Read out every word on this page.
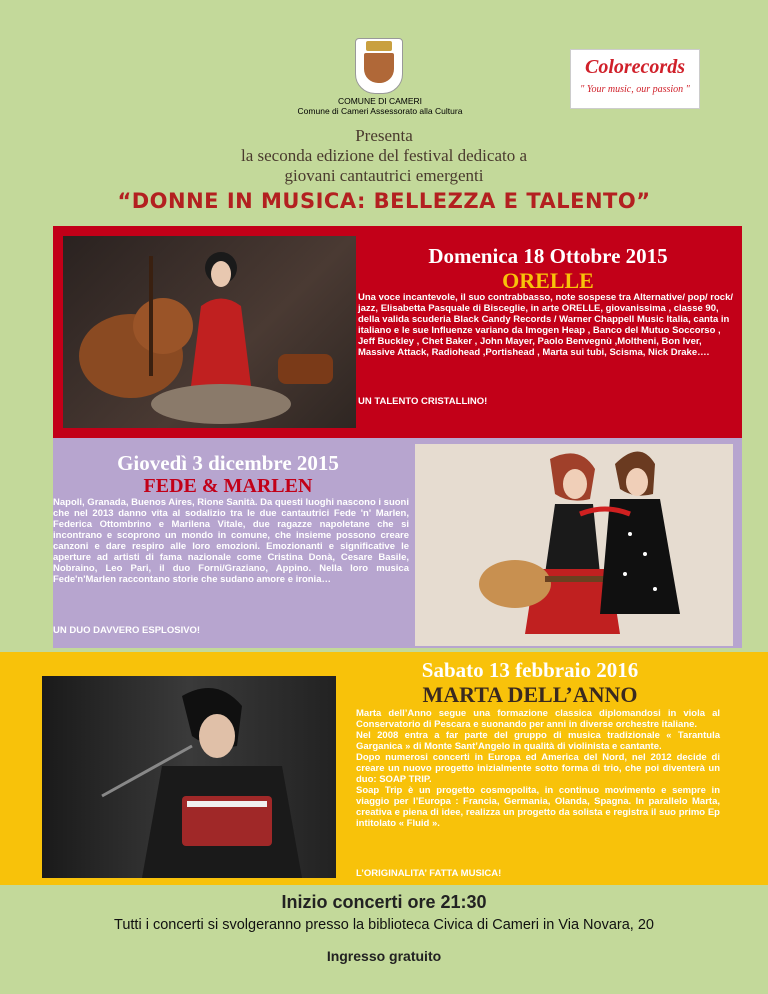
COMUNE DI CAMERI
Comune di Cameri Assessorato alla Cultura
Colorecords
" Your music, our passion "
Presenta
la seconda edizione del festival dedicato a
giovani cantautrici emergenti
“DONNE IN MUSICA: BELLEZZA E TALENTO”
Domenica 18 Ottobre 2015
ORELLE
Una voce incantevole, il suo contrabbasso, note sospese tra Alternative/ pop/ rock/ jazz, Elisabetta Pasquale di Bisceglie, in arte ORELLE, giovanissima , classe 90, della valida scuderia Black Candy Records / Warner Chappell Music Italia, canta in italiano e le sue Influenze variano da Imogen Heap , Banco del Mutuo Soccorso , Jeff Buckley , Chet Baker , John Mayer, Paolo Benvegnù ,Moltheni, Bon Iver, Massive Attack, Radiohead ,Portishead , Marta sui tubi, Scisma, Nick Drake….
UN TALENTO CRISTALLINO!
Giovedì 3 dicembre 2015
FEDE & MARLEN
Napoli, Granada, Buenos Aires, Rione Sanità. Da questi luoghi nascono i suoni che nel 2013 danno vita al sodalizio tra le due cantautrici Fede 'n' Marlen, Federica Ottombrino e Marilena Vitale, due ragazze napoletane che si incontrano e scoprono un mondo in comune, che insieme possono creare canzoni e dare respiro alle loro emozioni. Emozionanti e significative le aperture ad artisti di fama nazionale come Cristina Donà, Cesare Basile, Nobraino, Leo Pari, il duo Forni/Graziano, Appino. Nella loro musica Fede'n'Marlen raccontano storie che sudano amore e ironia…
UN DUO DAVVERO ESPLOSIVO!
Sabato 13 febbraio 2016
MARTA DELL’ANNO
Marta dell’Anno segue una formazione classica diplomandosi in viola al Conservatorio di Pescara e suonando per anni in diverse orchestre italiane.
Nel 2008 entra a far parte del gruppo di musica tradizionale « Tarantula Garganica » di Monte Sant’Angelo in qualità di violinista e cantante.
Dopo numerosi concerti in Europa ed America del Nord, nel 2012 decide di creare un nuovo progetto inizialmente sotto forma di trio, che poi diventerà un duo: SOAP TRIP.
Soap Trip è un progetto cosmopolita, in continuo movimento e sempre in viaggio per l’Europa : Francia, Germania, Olanda, Spagna. In parallelo Marta, creativa e piena di idee, realizza un progetto da solista e registra il suo primo Ep intitolato « Fluid ».
L’ORIGINALITA’ FATTA MUSICA!
Inizio concerti ore 21:30
Tutti i concerti si svolgeranno presso la biblioteca Civica di Cameri in Via Novara, 20
Ingresso gratuito
